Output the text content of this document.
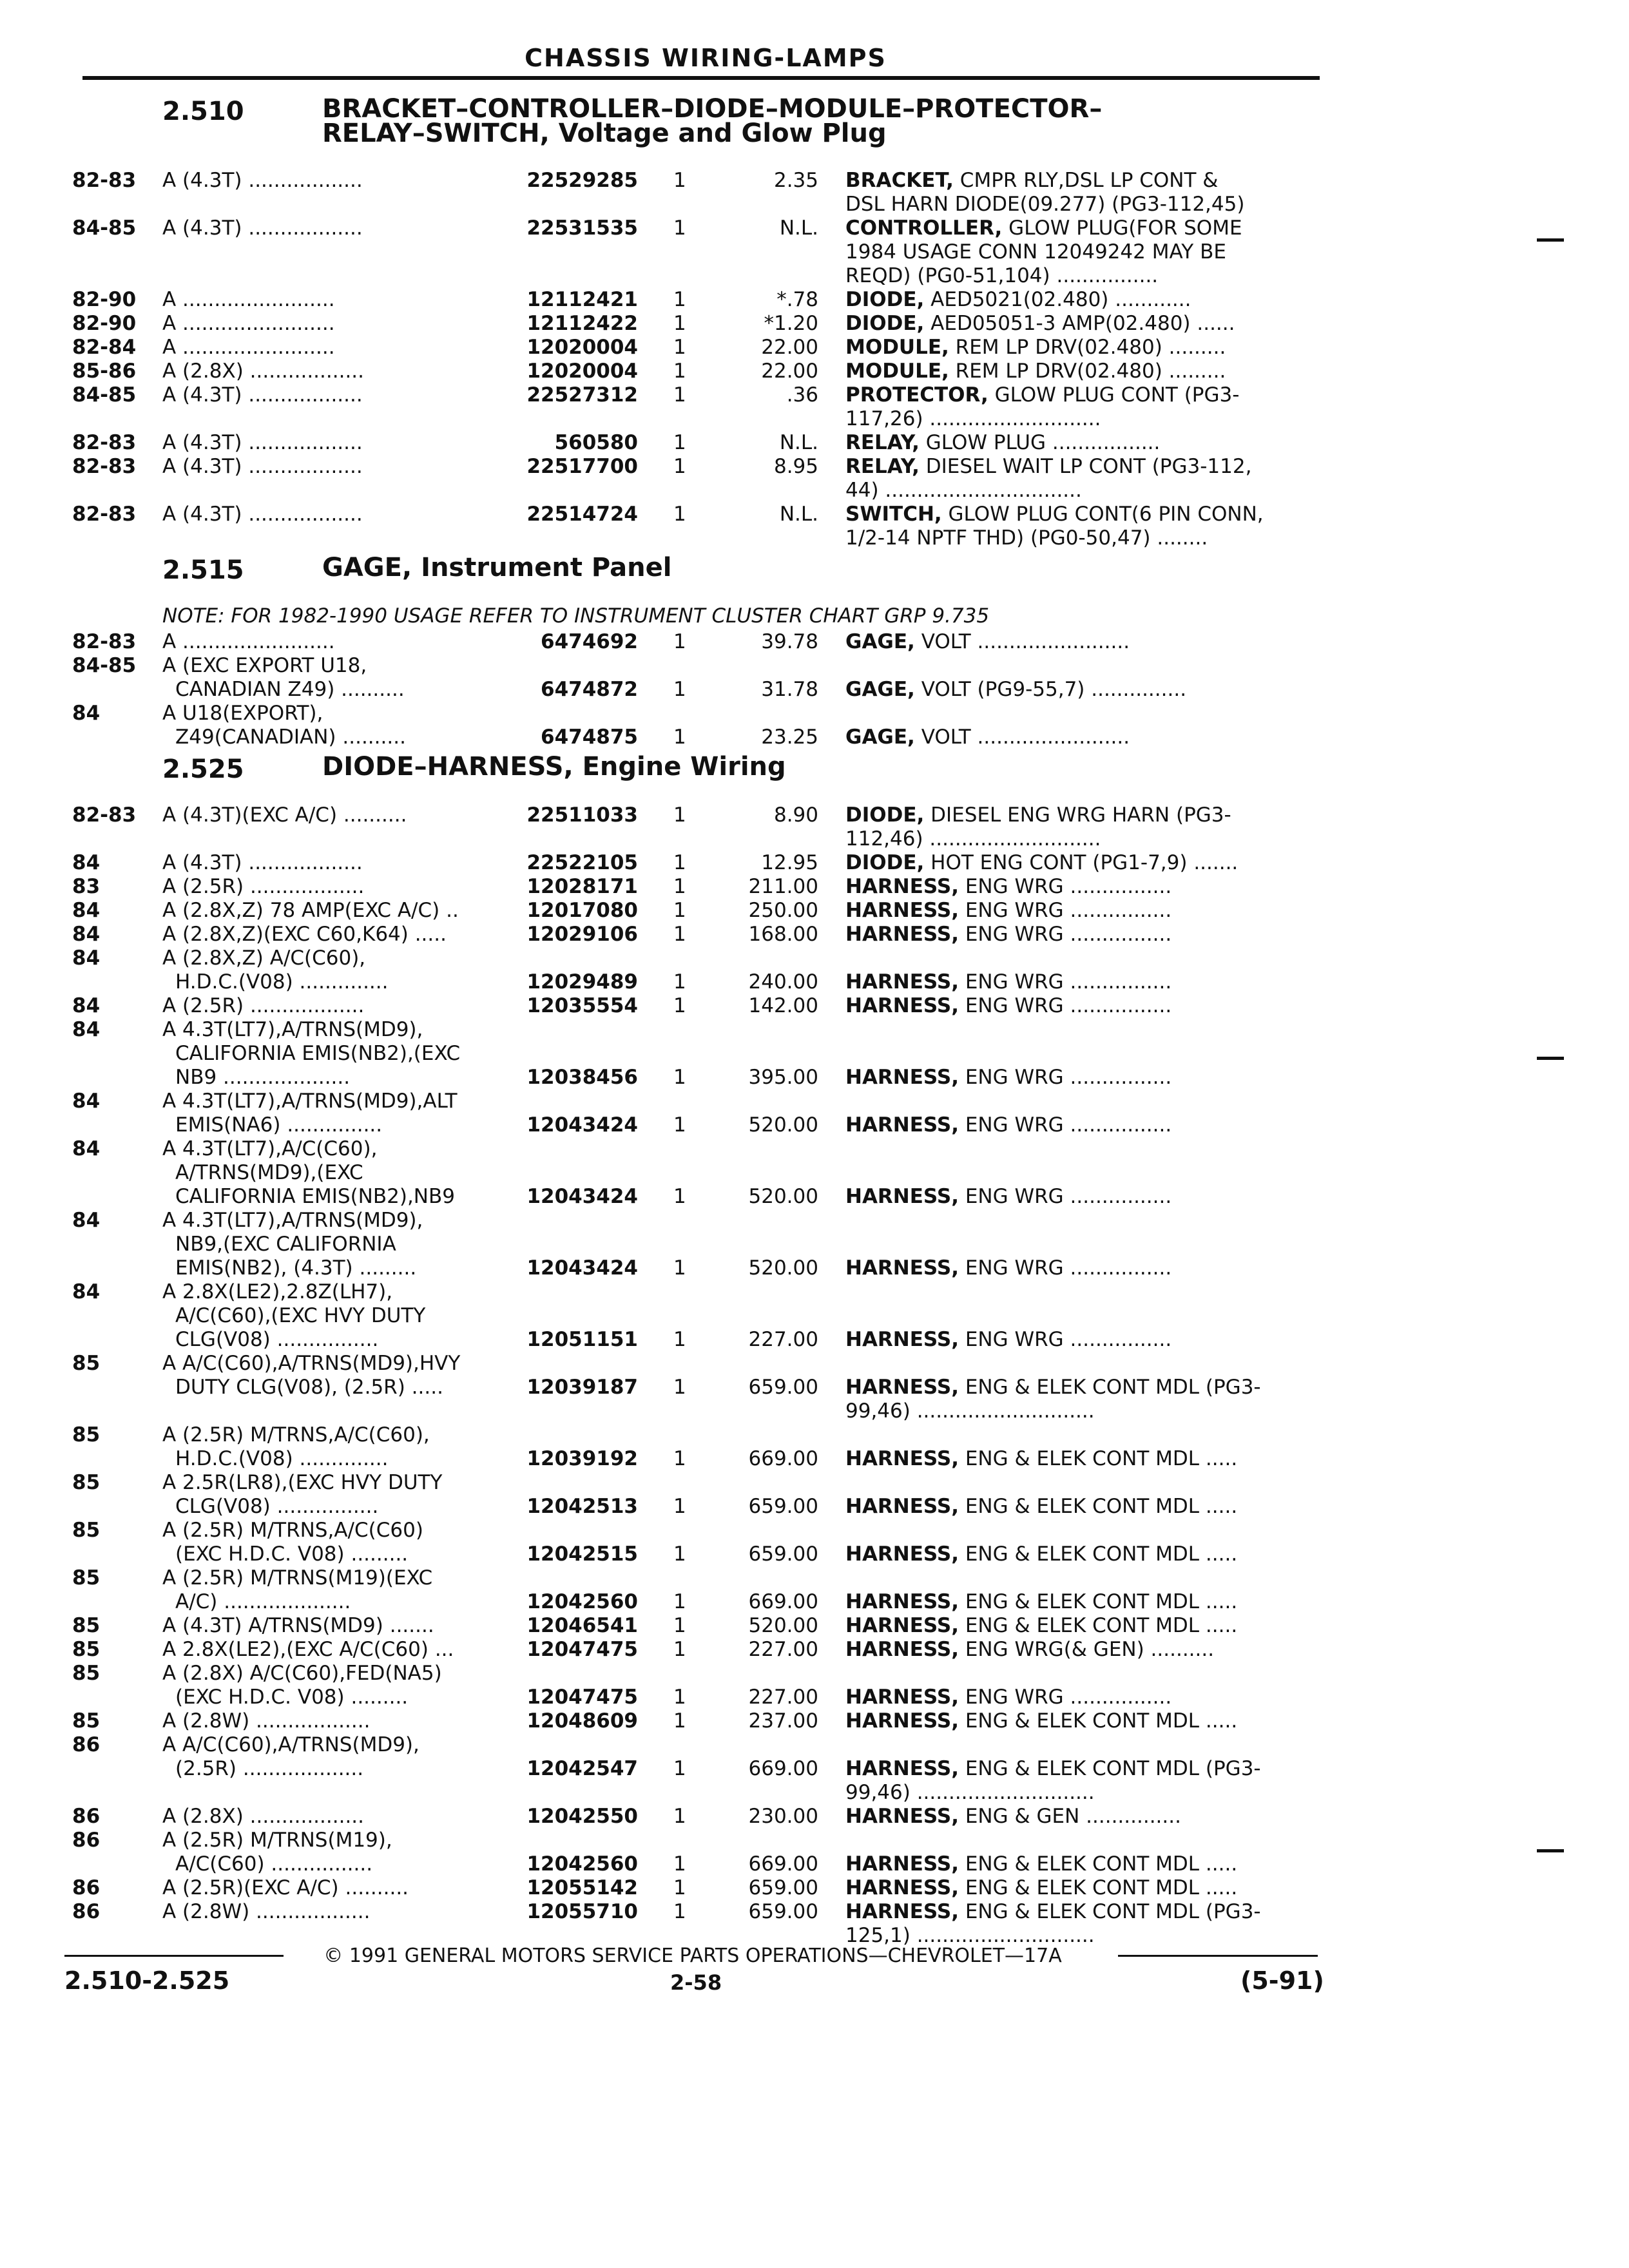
CHASSIS WIRING-LAMPS
2.510	BRACKET–CONTROLLER–DIODE–MODULE–PROTECTOR–
RELAY–SWITCH, Voltage and Glow Plug
82-83 A (4.3T) ..................	22529285 1	2.35 BRACKET, CMPR RLY,DSL LP CONT &
DSL HARN DIODE(09.277) (PG3-112,45)
84-85 A (4.3T) ..................	22531535 1	N.L. CONTROLLER, GLOW PLUG(FOR SOME
1984 USAGE CONN 12049242 MAY BE
REQD) (PG0-51,104) ................
82-90 A ........................	12112421 1	*.78 DIODE, AED5021(02.480) ............
82-90 A ........................	12112422 1	*1.20 DIODE, AED05051-3 AMP(02.480) ......
82-84 A ........................	12020004 1	22.00 MODULE, REM LP DRV(02.480) .........
85-86 A (2.8X) ..................	12020004 1	22.00 MODULE, REM LP DRV(02.480) .........
84-85 A (4.3T) ..................	22527312 1	.36 PROTECTOR, GLOW PLUG CONT (PG3-
117,26) ...........................
82-83 A (4.3T) ..................	560580 1	N.L. RELAY, GLOW PLUG .................
82-83 A (4.3T) ..................	22517700 1	8.95 RELAY, DIESEL WAIT LP CONT (PG3-112,
44) ...............................
82-83 A (4.3T) ..................	22514724 1	N.L. SWITCH, GLOW PLUG CONT(6 PIN CONN,
1/2-14 NPTF THD) (PG0-50,47) ........
2.515	GAGE, Instrument Panel
NOTE: FOR 1982-1990 USAGE REFER TO INSTRUMENT CLUSTER CHART GRP 9.735
82-83 A ........................	6474692 1	39.78 GAGE, VOLT ........................
84-85 A (EXC EXPORT U18,
CANADIAN Z49) ..........	6474872 1	31.78 GAGE, VOLT (PG9-55,7) ...............
84	A U18(EXPORT),
Z49(CANADIAN) ..........	6474875 1	23.25 GAGE, VOLT ........................
2.525	DIODE–HARNESS, Engine Wiring
82-83 A (4.3T)(EXC A/C) ..........	22511033 1	8.90 DIODE, DIESEL ENG WRG HARN (PG3-
112,46) ...........................
84	A (4.3T) ..................	22522105 1	12.95 DIODE, HOT ENG CONT (PG1-7,9) .......
83	A (2.5R) ..................	12028171 1	211.00 HARNESS, ENG WRG ................
84	A (2.8X,Z) 78 AMP(EXC A/C) ..	12017080 1	250.00 HARNESS, ENG WRG ................
84	A (2.8X,Z)(EXC C60,K64) .....	12029106 1	168.00 HARNESS, ENG WRG ................
84	A (2.8X,Z) A/C(C60),
H.D.C.(V08) ..............	12029489 1	240.00 HARNESS, ENG WRG ................
84	A (2.5R) ..................	12035554 1	142.00 HARNESS, ENG WRG ................
84	A 4.3T(LT7),A/TRNS(MD9),
CALIFORNIA EMIS(NB2),(EXC
NB9 ....................	12038456 1	395.00 HARNESS, ENG WRG ................
84	A 4.3T(LT7),A/TRNS(MD9),ALT
EMIS(NA6) ...............	12043424 1	520.00 HARNESS, ENG WRG ................
84	A 4.3T(LT7),A/C(C60),
A/TRNS(MD9),(EXC
CALIFORNIA EMIS(NB2),NB9	12043424 1	520.00 HARNESS, ENG WRG ................
84	A 4.3T(LT7),A/TRNS(MD9),
NB9,(EXC CALIFORNIA
EMIS(NB2), (4.3T) .........	12043424 1	520.00 HARNESS, ENG WRG ................
84	A 2.8X(LE2),2.8Z(LH7),
A/C(C60),(EXC HVY DUTY
CLG(V08) ................	12051151 1	227.00 HARNESS, ENG WRG ................
85	A A/C(C60),A/TRNS(MD9),HVY
DUTY CLG(V08), (2.5R) .....	12039187 1	659.00 HARNESS, ENG & ELEK CONT MDL (PG3-
99,46) ............................
85	A (2.5R) M/TRNS,A/C(C60),
H.D.C.(V08) ..............	12039192 1	669.00 HARNESS, ENG & ELEK CONT MDL .....
85	A 2.5R(LR8),(EXC HVY DUTY
CLG(V08) ................	12042513 1	659.00 HARNESS, ENG & ELEK CONT MDL .....
85	A (2.5R) M/TRNS,A/C(C60)
(EXC H.D.C. V08) .........	12042515 1	659.00 HARNESS, ENG & ELEK CONT MDL .....
85	A (2.5R) M/TRNS(M19)(EXC
A/C) ....................	12042560 1	669.00 HARNESS, ENG & ELEK CONT MDL .....
85	A (4.3T) A/TRNS(MD9) .......	12046541 1	520.00 HARNESS, ENG & ELEK CONT MDL .....
85	A 2.8X(LE2),(EXC A/C(C60) ...	12047475 1	227.00 HARNESS, ENG WRG(& GEN) ..........
85	A (2.8X) A/C(C60),FED(NA5)
(EXC H.D.C. V08) .........	12047475 1	227.00 HARNESS, ENG WRG ................
85	A (2.8W) ..................	12048609 1	237.00 HARNESS, ENG & ELEK CONT MDL .....
86	A A/C(C60),A/TRNS(MD9),
(2.5R) ...................	12042547 1	669.00 HARNESS, ENG & ELEK CONT MDL (PG3-
99,46) ............................
86	A (2.8X) ..................	12042550 1	230.00 HARNESS, ENG & GEN ...............
86	A (2.5R) M/TRNS(M19),
A/C(C60) ................	12042560 1	669.00 HARNESS, ENG & ELEK CONT MDL .....
86	A (2.5R)(EXC A/C) ..........	12055142 1	659.00 HARNESS, ENG & ELEK CONT MDL .....
86	A (2.8W) ..................	12055710 1	659.00 HARNESS, ENG & ELEK CONT MDL (PG3-
125,1) ............................
© 1991 GENERAL MOTORS SERVICE PARTS OPERATIONS—CHEVROLET—17A
2.510-2.525	2-58	(5-91)
